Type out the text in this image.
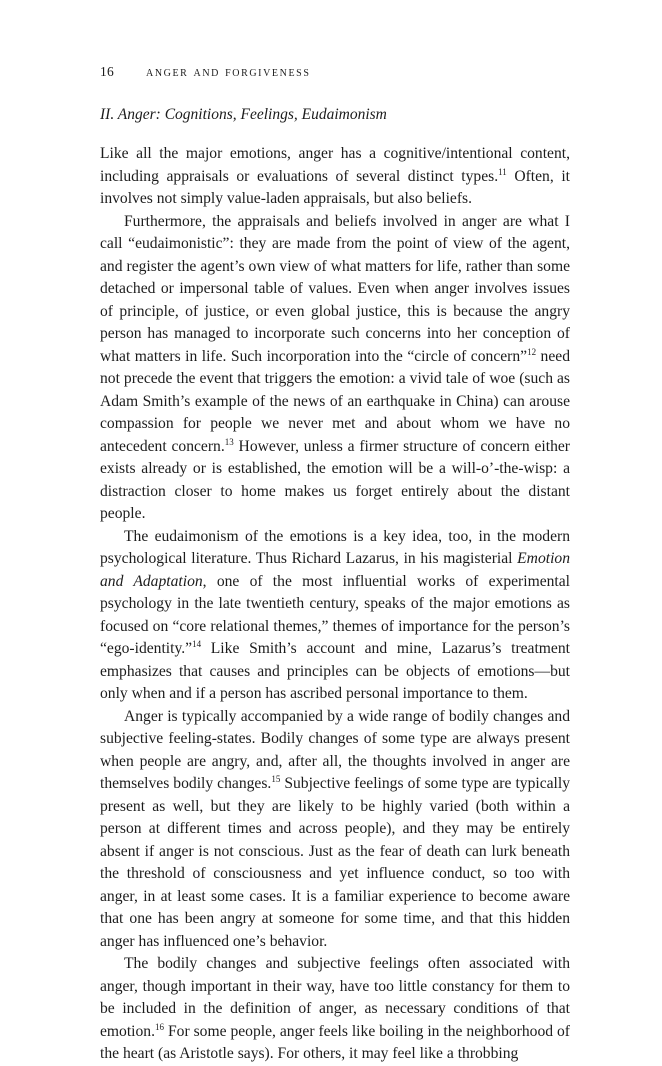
16 anger and forgiveness
II. Anger: Cognitions, Feelings, Eudaimonism

Like all the major emotions, anger has a cognitive/intentional content, including appraisals or evaluations of several distinct types.$^{11}$ Often, it involves not simply value-laden appraisals, but also beliefs.

Furthermore, the appraisals and beliefs involved in anger are what I call “eudaimonistic”: they are made from the point of view of the agent, and register the agent’s own view of what matters for life, rather than some detached or impersonal table of values. Even when anger involves issues of principle, of justice, or even global justice, this is because the angry person has managed to incorporate such concerns into her conception of what matters in life. Such incorporation into the “circle of concern”$^{12}$ need not precede the event that triggers the emotion: a vivid tale of woe (such as Adam Smith’s example of the news of an earthquake in China) can arouse compassion for people we never met and about whom we have no antecedent concern.$^{13}$ However, unless a firmer structure of concern either exists already or is established, the emotion will be a will-o’-the-wisp: a distraction closer to home makes us forget entirely about the distant people.

The eudaimonism of the emotions is a key idea, too, in the modern psychological literature. Thus Richard Lazarus, in his magisterial Emotion and Adaptation, one of the most influential works of experimental psychology in the late twentieth century, speaks of the major emotions as focused on “core relational themes,” themes of importance for the person’s “ego-identity.”$^{14}$ Like Smith’s account and mine, Lazarus’s treatment emphasizes that causes and principles can be objects of emotions—but only when and if a person has ascribed personal importance to them.

Anger is typically accompanied by a wide range of bodily changes and subjective feeling-states. Bodily changes of some type are always present when people are angry, and, after all, the thoughts involved in anger are themselves bodily changes.$^{15}$ Subjective feelings of some type are typically present as well, but they are likely to be highly varied (both within a person at different times and across people), and they may be entirely absent if anger is not conscious. Just as the fear of death can lurk beneath the threshold of consciousness and yet influence conduct, so too with anger, in at least some cases. It is a familiar experience to become aware that one has been angry at someone for some time, and that this hidden anger has influenced one’s behavior.

The bodily changes and subjective feelings often associated with anger, though important in their way, have too little constancy for them to be included in the definition of anger, as necessary conditions of that emotion.$^{16}$ For some people, anger feels like boiling in the neighborhood of the heart (as Aristotle says). For others, it may feel like a throbbing
